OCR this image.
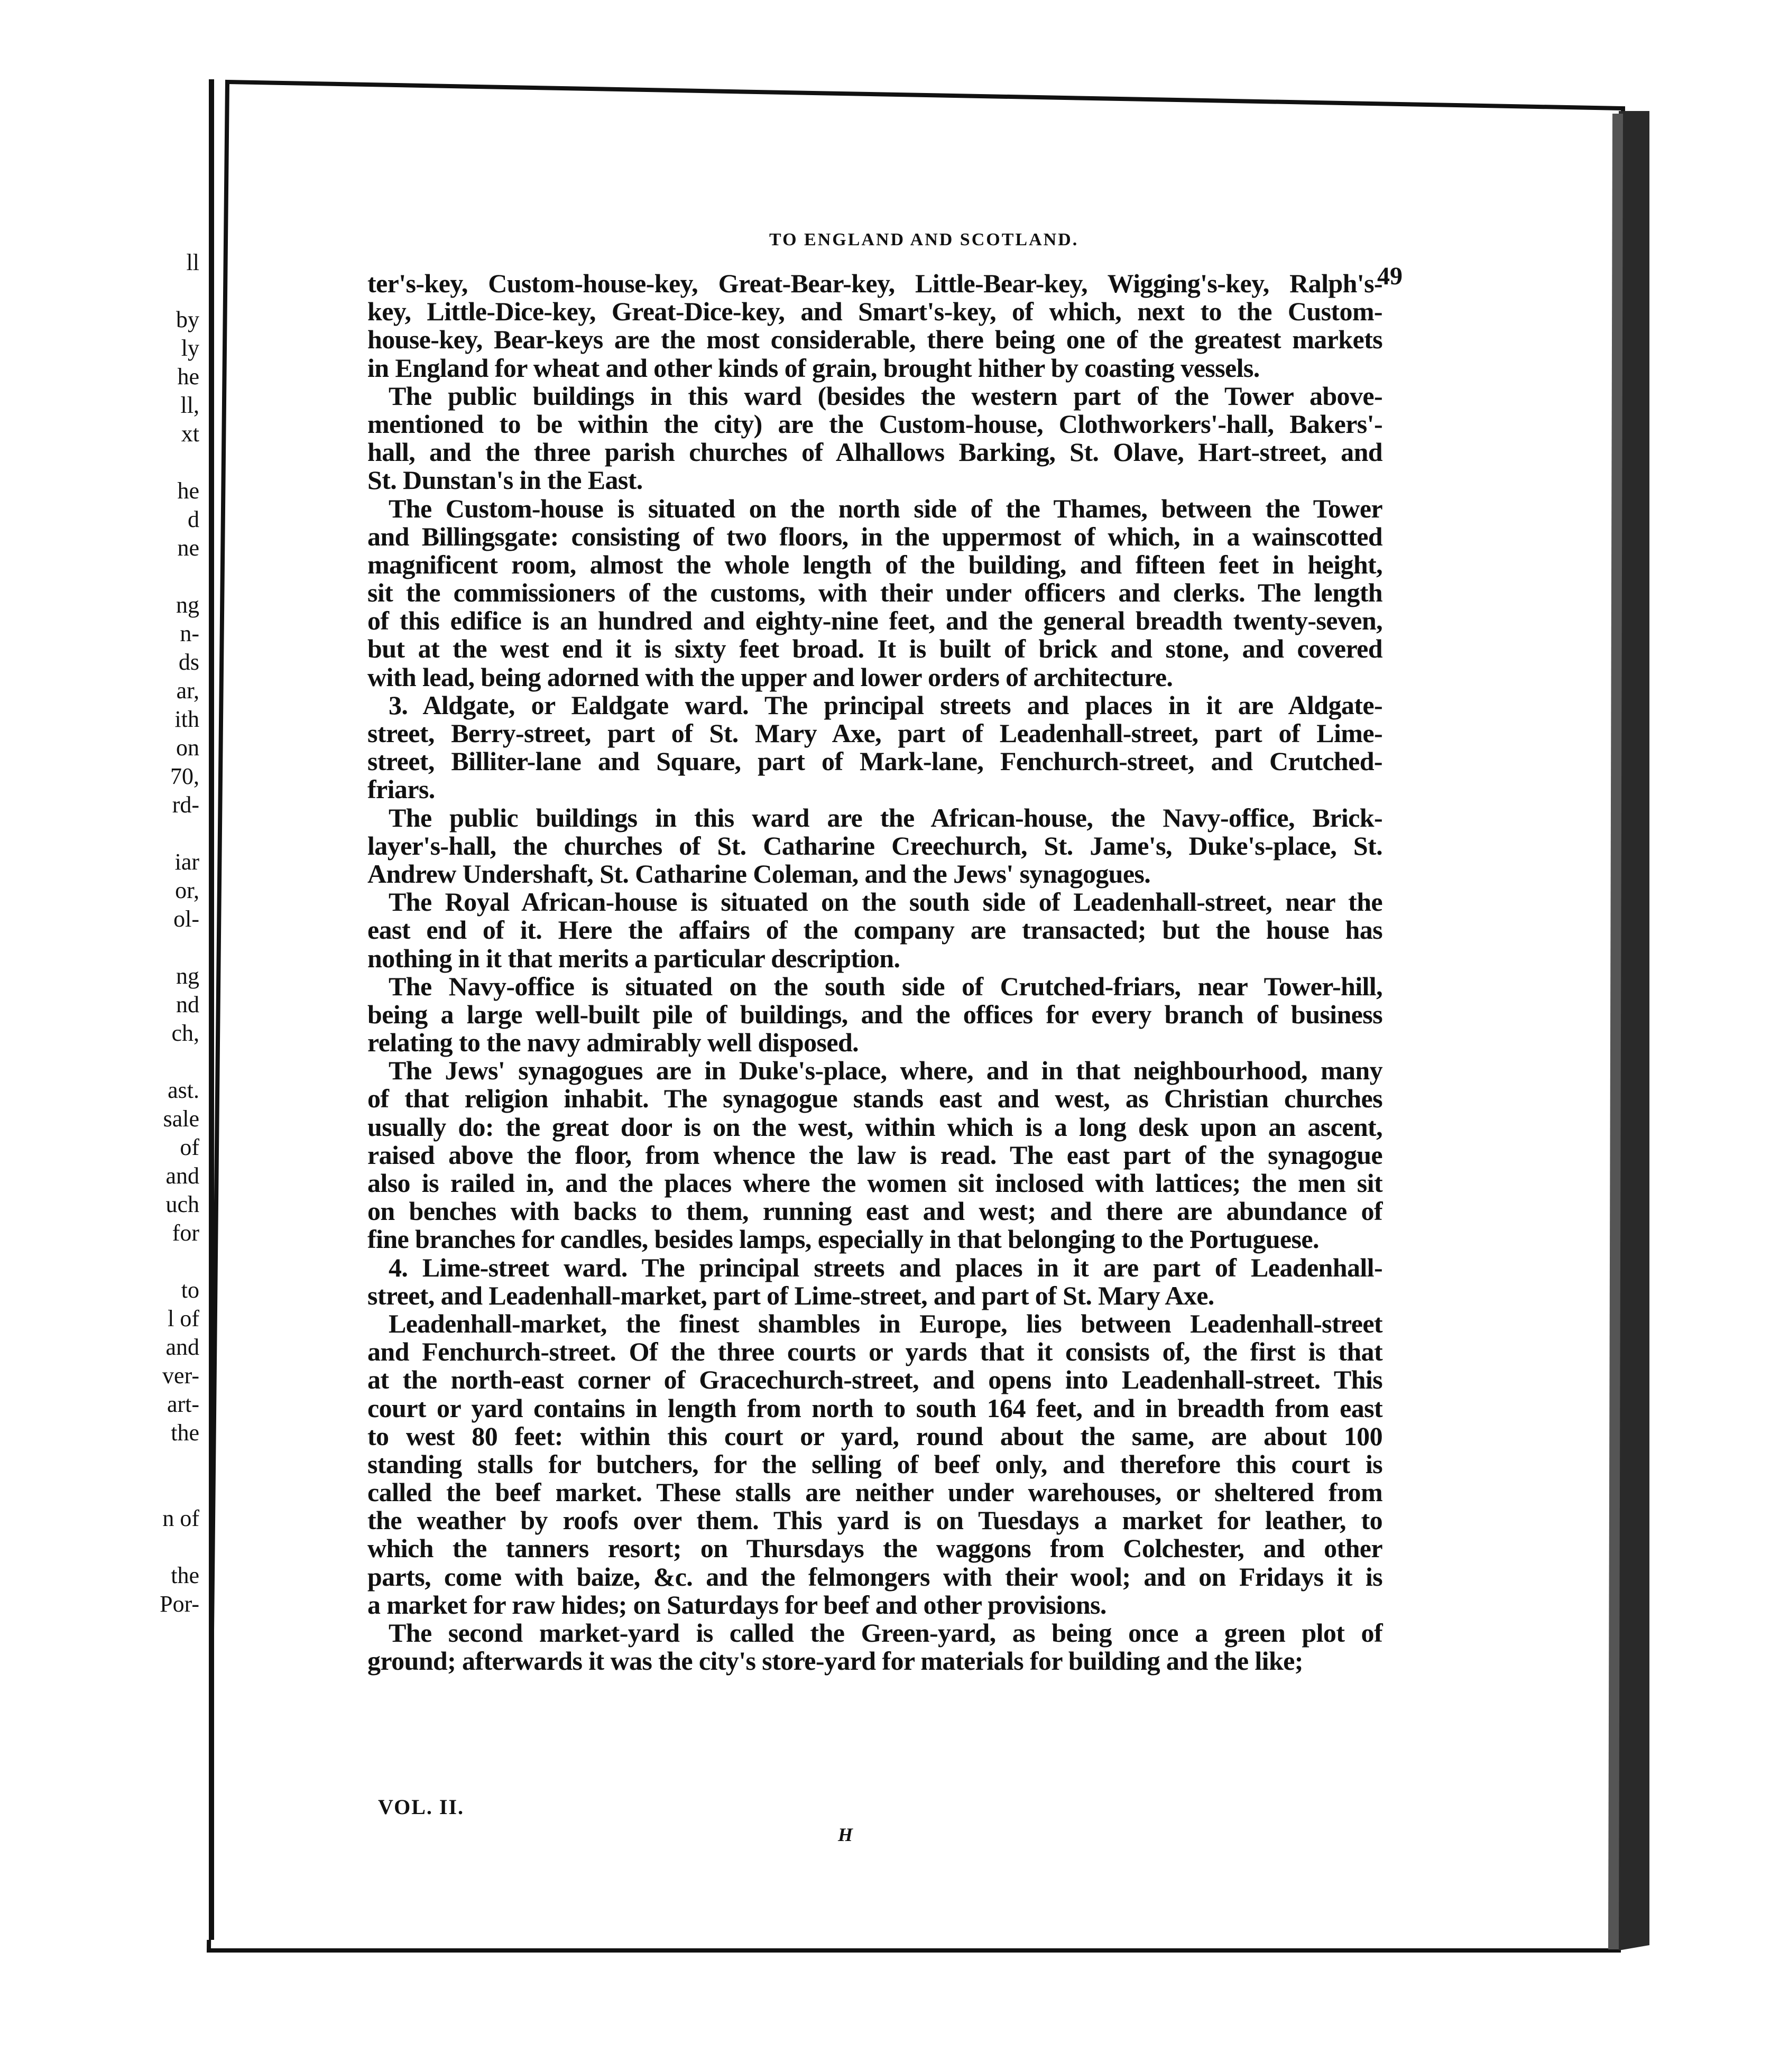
ll
by
ly
he
ll,
xt
he
d
ne
ng
n-
ds
ar,
ith
on
70,
rd-
iar
or,
ol-
ng
nd
ch,
ast.
sale
of
and
uch
for
to
l of
and
ver-
art-
the
n of
the
Por-
TO ENGLAND AND SCOTLAND.
49
ter's-key, Custom-house-key, Great-Bear-key, Little-Bear-key, Wigging's-key, Ralph's-
key, Little-Dice-key, Great-Dice-key, and Smart's-key, of which, next to the Custom-
house-key, Bear-keys are the most considerable, there being one of the greatest markets
in England for wheat and other kinds of grain, brought hither by coasting vessels.
The public buildings in this ward (besides the western part of the Tower above-
mentioned to be within the city) are the Custom-house, Clothworkers'-hall, Bakers'-
hall, and the three parish churches of Alhallows Barking, St. Olave, Hart-street, and
St. Dunstan's in the East.
The Custom-house is situated on the north side of the Thames, between the Tower
and Billingsgate: consisting of two floors, in the uppermost of which, in a wainscotted
magnificent room, almost the whole length of the building, and fifteen feet in height,
sit the commissioners of the customs, with their under officers and clerks. The length
of this edifice is an hundred and eighty-nine feet, and the general breadth twenty-seven,
but at the west end it is sixty feet broad. It is built of brick and stone, and covered
with lead, being adorned with the upper and lower orders of architecture.
3. Aldgate, or Ealdgate ward. The principal streets and places in it are Aldgate-
street, Berry-street, part of St. Mary Axe, part of Leadenhall-street, part of Lime-
street, Billiter-lane and Square, part of Mark-lane, Fenchurch-street, and Crutched-
friars.
The public buildings in this ward are the African-house, the Navy-office, Brick-
layer's-hall, the churches of St. Catharine Creechurch, St. Jame's, Duke's-place, St.
Andrew Undershaft, St. Catharine Coleman, and the Jews' synagogues.
The Royal African-house is situated on the south side of Leadenhall-street, near the
east end of it. Here the affairs of the company are transacted; but the house has
nothing in it that merits a particular description.
The Navy-office is situated on the south side of Crutched-friars, near Tower-hill,
being a large well-built pile of buildings, and the offices for every branch of business
relating to the navy admirably well disposed.
The Jews' synagogues are in Duke's-place, where, and in that neighbourhood, many
of that religion inhabit. The synagogue stands east and west, as Christian churches
usually do: the great door is on the west, within which is a long desk upon an ascent,
raised above the floor, from whence the law is read. The east part of the synagogue
also is railed in, and the places where the women sit inclosed with lattices; the men sit
on benches with backs to them, running east and west; and there are abundance of
fine branches for candles, besides lamps, especially in that belonging to the Portuguese.
4. Lime-street ward. The principal streets and places in it are part of Leadenhall-
street, and Leadenhall-market, part of Lime-street, and part of St. Mary Axe.
Leadenhall-market, the finest shambles in Europe, lies between Leadenhall-street
and Fenchurch-street. Of the three courts or yards that it consists of, the first is that
at the north-east corner of Gracechurch-street, and opens into Leadenhall-street. This
court or yard contains in length from north to south 164 feet, and in breadth from east
to west 80 feet: within this court or yard, round about the same, are about 100
standing stalls for butchers, for the selling of beef only, and therefore this court is
called the beef market. These stalls are neither under warehouses, or sheltered from
the weather by roofs over them. This yard is on Tuesdays a market for leather, to
which the tanners resort; on Thursdays the waggons from Colchester, and other
parts, come with baize, &c. and the felmongers with their wool; and on Fridays it is
a market for raw hides; on Saturdays for beef and other provisions.
The second market-yard is called the Green-yard, as being once a green plot of
ground; afterwards it was the city's store-yard for materials for building and the like;
VOL. II.
H
